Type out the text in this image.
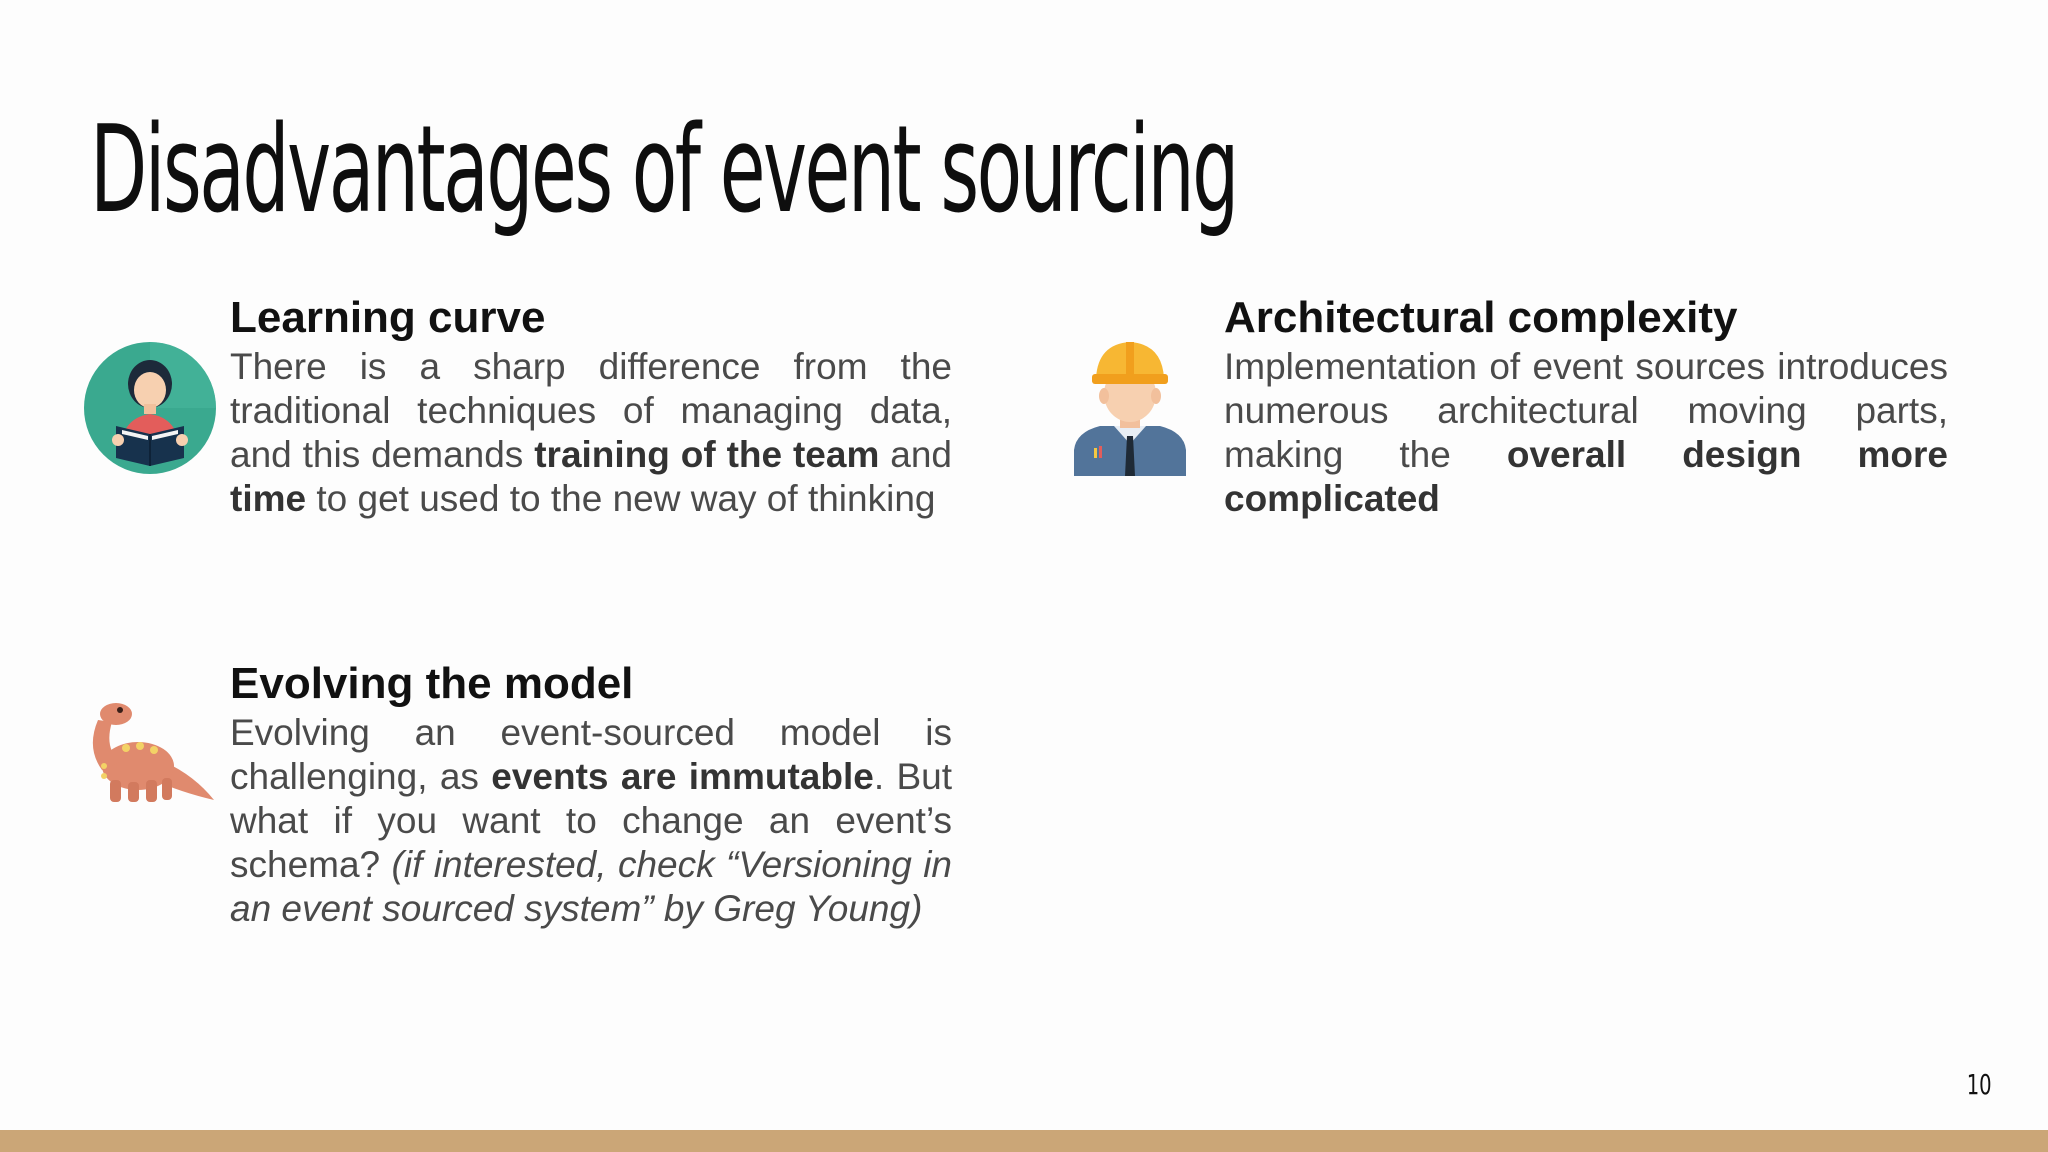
Disadvantages of event sourcing
Learning curve

There is a sharp difference from the traditional techniques of managing data, and this demands training of the team and time to get used to the new way of thinking

Architectural complexity

Implementation of event sources introduces numerous architectural moving parts, making the overall design more complicated

Evolving the model

Evolving an event-sourced model is challenging, as events are immutable. But what if you want to change an event’s schema? (if interested, check “Versioning in an event sourced system” by Greg Young)

10
